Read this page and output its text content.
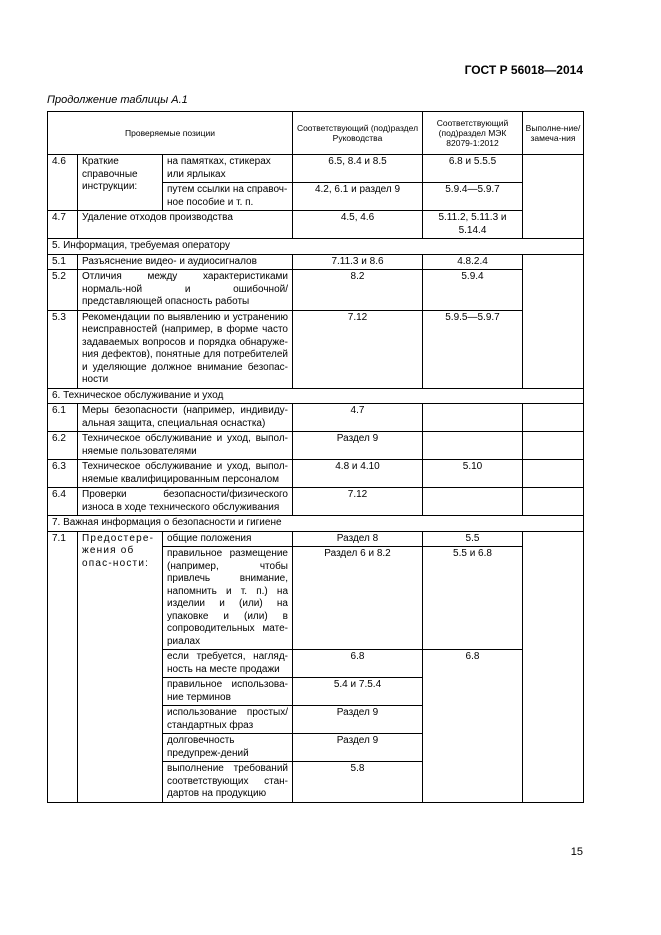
ГОСТ Р 56018—2014
Продолжение таблицы А.1
Проверяемые позиции			Соответствующий (под)раздел Руководства	Соответствующий (под)раздел МЭК 82079-1:2012	Выполне-ние/замеча-ния
4.6	Краткие справочные инструкции:	на памятках, стикерах или ярлыках	6.5, 8.4 и 8.5	6.8 и 5.5.5	
		путем ссылки на справоч-ное пособие и т. п.	4.2, 6.1 и раздел 9	5.9.4—5.9.7	
4.7	Удаление отходов производства		4.5, 4.6	5.11.2, 5.11.3 и 5.14.4	
5. Информация, требуемая оператору					
5.1	Разъяснение видео- и аудиосигналов		7.11.3 и 8.6	4.8.2.4	
5.2	Отличия между характеристиками нормаль-ной и ошибочной/представляющей опасность работы		8.2	5.9.4	
5.3	Рекомендации по выявлению и устранению неисправностей (например, в форме часто задаваемых вопросов и порядка обнаруже-ния дефектов), понятные для потребителей и уделяющие должное внимание безопас-ности		7.12	5.9.5—5.9.7	
6. Техническое обслуживание и уход					
6.1	Меры безопасности (например, индивиду-альная защита, специальная оснастка)		4.7		
6.2	Техническое обслуживание и уход, выпол-няемые пользователями		Раздел 9		
6.3	Техническое обслуживание и уход, выпол-няемые квалифицированным персоналом		4.8 и 4.10	5.10	
6.4	Проверки безопасности/физического износа в ходе технического обслуживания		7.12		
7. Важная информация о безопасности и гигиене					
7.1	Предостере-жения об опас-ности:	общие положения	Раздел 8	5.5	
		правильное размещение (например, чтобы привлечь внимание, напомнить и т. п.) на изделии и (или) на упаковке и (или) в сопроводительных мате-риалах	Раздел 6 и 8.2	5.5 и 6.8	
		если требуется, нагляд-ность на месте продажи	6.8	6.8	
		правильное использова-ние терминов	5.4 и 7.5.4		
		использование простых/ стандартных фраз	Раздел 9		
		долговечность предупреж-дений	Раздел 9		
		выполнение требований соответствующих стан-дартов на продукцию	5.8		
15
